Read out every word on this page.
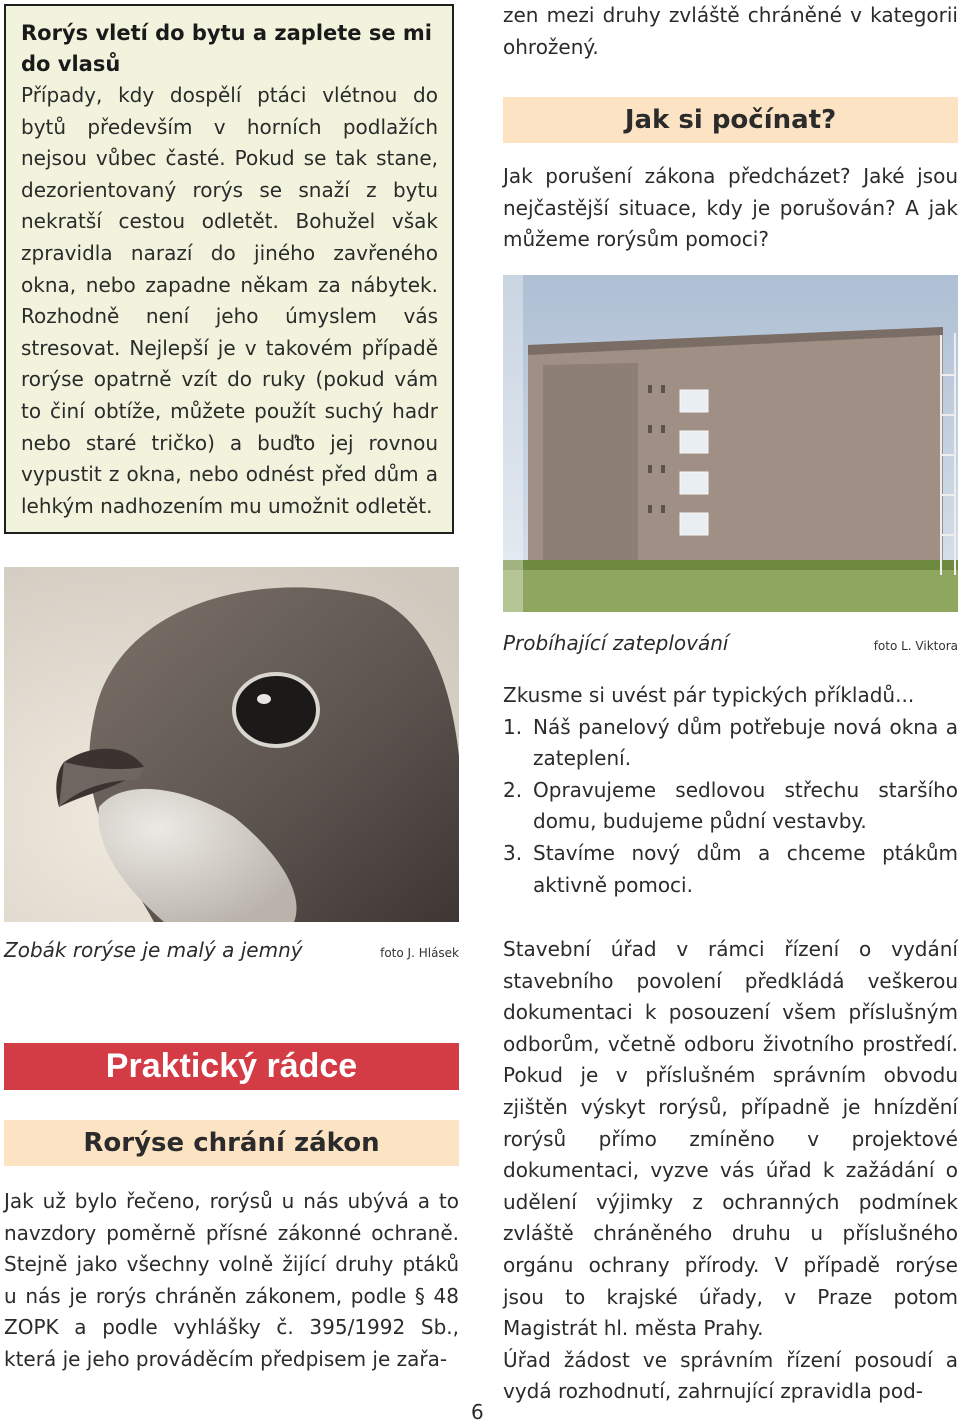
Rorýs vletí do bytu a zaplete se mi do vlasů

Případy, kdy dospělí ptáci vlétnou do bytů především v horních podlažích nejsou vůbec časté. Pokud se tak stane, dezorientovaný rorýs se snaží z bytu nekratší cestou odletět. Bohužel však zpravidla narazí do jiného zavřeného okna, nebo zapadne někam za nábytek. Rozhodně není jeho úmyslem vás stresovat. Nejlepší je v takovém případě rorýse opatrně vzít do ruky (pokud vám to činí obtíže, můžete použít suchý hadr nebo staré tričko) a buďto jej rovnou vypustit z okna, nebo odnést před dům a lehkým nadhozením mu umožnit odletět.

Zobák rorýse je malý a jemný	foto J. Hlásek
Praktický rádce
Rorýse chrání zákon

Jak už bylo řečeno, rorýsů u nás ubývá a to navzdory poměrně přísné zákonné ochraně. Stejně jako všechny volně žijící druhy ptáků u nás je rorýs chráněn zákonem, podle § 48 ZOPK a podle vyhlášky č. 395/1992 Sb., která je jeho prováděcím předpisem je zařa-

zen mezi druhy zvláště chráněné v kategorii ohrožený.

Jak si počínat?

Jak porušení zákona předcházet? Jaké jsou nejčastější situace, kdy je porušován? A jak můžeme rorýsům pomoci?

Probíhající zateplování	foto L. Viktora

Zkusme si uvést pár typických příkladů...

1. Náš panelový dům potřebuje nová okna a zateplení.
2. Opravujeme sedlovou střechu staršího domu, budujeme půdní vestavby.
3. Stavíme nový dům a chceme ptákům aktivně pomoci.

Stavební úřad v rámci řízení o vydání stavebního povolení předkládá veškerou dokumentaci k posouzení všem příslušným odborům, včetně odboru životního prostředí. Pokud je v příslušném správním obvodu zjištěn výskyt rorýsů, případně je hnízdění rorýsů přímo zmíněno v projektové dokumentaci, vyzve vás úřad k zažádání o udělení výjimky z ochranných podmínek zvláště chráněného druhu u příslušného orgánu ochrany přírody. V případě rorýse jsou to krajské úřady, v Praze potom Magistrát hl. města Prahy.

Úřad žádost ve správním řízení posoudí a vydá rozhodnutí, zahrnující zpravidla pod-

6
